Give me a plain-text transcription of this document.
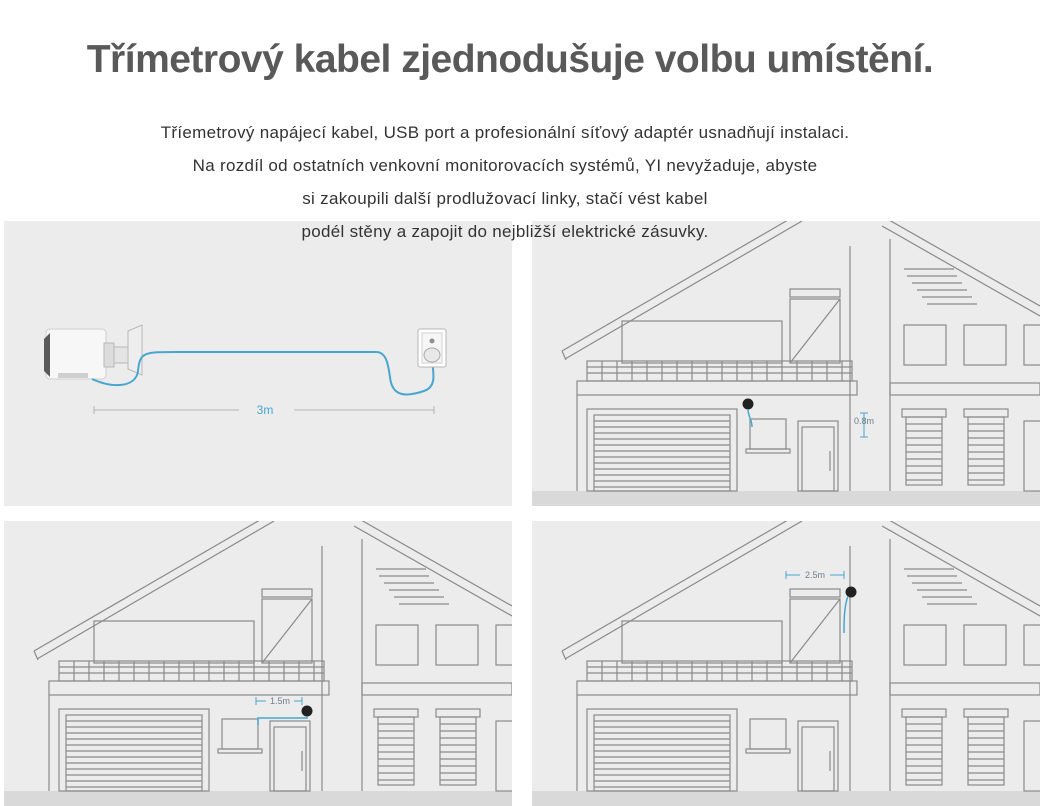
Třímetrový kabel zjednodušuje volbu umístění.
3m
0.8m
1.5m
2.5m
Tříemetrový napájecí kabel, USB port a profesionální síťový adaptér usnadňují instalaci.
Na rozdíl od ostatních venkovní monitorovacích systémů, YI nevyžaduje, abyste
si zakoupili další prodlužovací linky, stačí vést kabel
podél stěny a zapojit do nejbližší elektrické zásuvky.
